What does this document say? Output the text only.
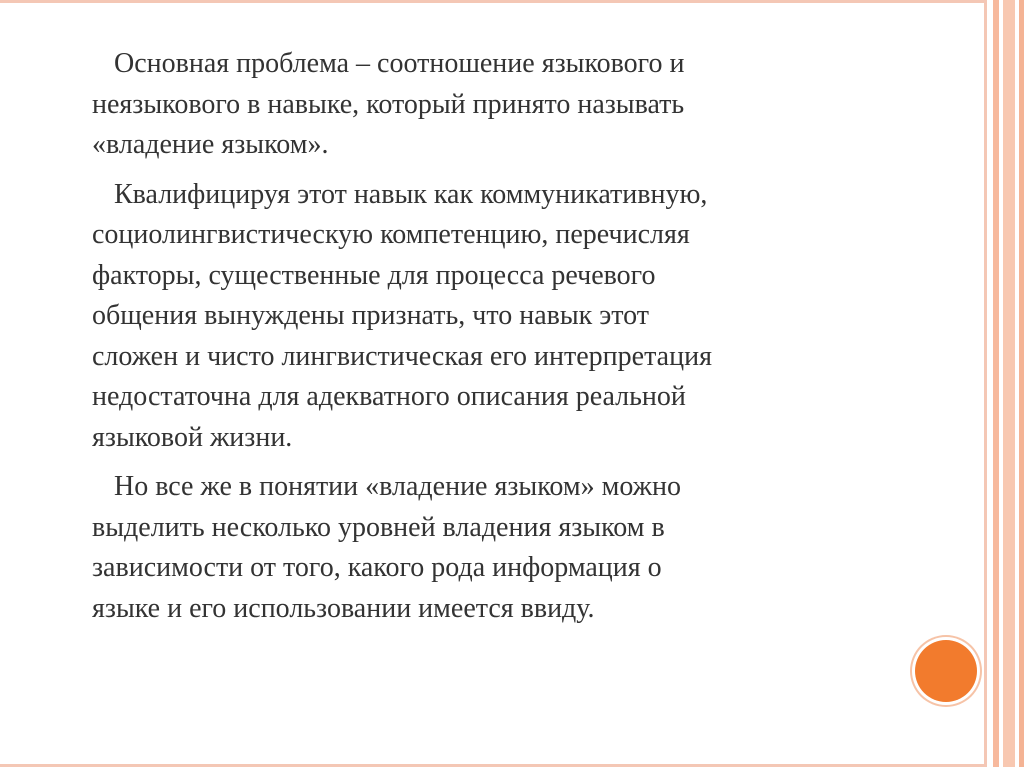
Основная проблема – соотношение языкового и
неязыкового в навыке, который принято называть
«владение языком».

Квалифицируя этот навык как коммуникативную,
социолингвистическую компетенцию, перечисляя
факторы, существенные для процесса речевого
общения вынуждены признать, что навык этот
сложен и чисто лингвистическая его интерпретация
недостаточна для адекватного описания реальной
языковой жизни.

Но все же в понятии «владение языком» можно
выделить несколько уровней владения языком в
зависимости от того, какого рода информация о
языке и его использовании имеется ввиду.
